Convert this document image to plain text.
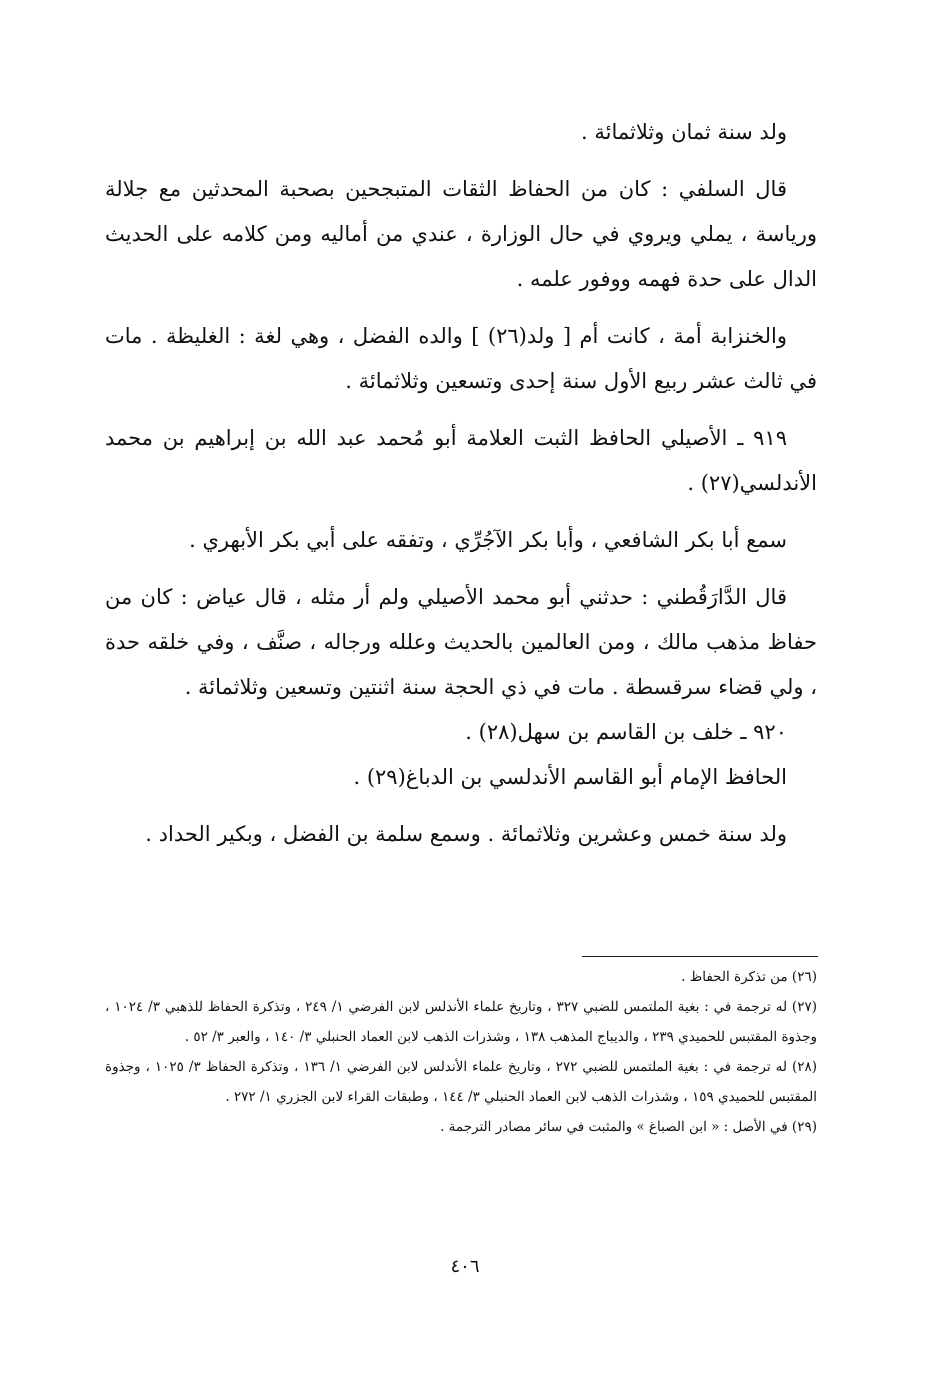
ولد سنة ثمان وثلاثمائة .

قال السلفي : كان من الحفاظ الثقات المتبجحين بصحبة المحدثين مع جلالة ورياسة ، يملي ويروي في حال الوزارة ، عندي من أماليه ومن كلامه على الحديث الدال على حدة فهمه ووفور علمه .

والخنزابة أمة ، كانت أم [ ولد(٢٦) ] والده الفضل ، وهي لغة : الغليظة . مات في ثالث عشر ربيع الأول سنة إحدى وتسعين وثلاثمائة .

٩١٩ ـ الأصيلي الحافظ الثبت العلامة أبو مُحمد عبد الله بن إبراهيم بن محمد الأندلسي(٢٧) .

سمع أبا بكر الشافعي ، وأبا بكر الآجُرِّي ، وتفقه على أبي بكر الأبهري .

قال الدَّارَقُطني : حدثني أبو محمد الأصيلي ولم أر مثله ، قال عياض : كان من حفاظ مذهب مالك ، ومن العالمين بالحديث وعلله ورجاله ، صنَّف ، وفي خلقه حدة ، ولي قضاء سرقسطة . مات في ذي الحجة سنة اثنتين وتسعين وثلاثمائة .

٩٢٠ ـ خلف بن القاسم بن سهل(٢٨) .

الحافظ الإمام أبو القاسم الأندلسي بن الدباغ(٢٩) .

ولد سنة خمس وعشرين وثلاثمائة . وسمع سلمة بن الفضل ، وبكير الحداد .

(٢٦) من تذكرة الحفاظ .

(٢٧) له ترجمة في : بغية الملتمس للضبي ٣٢٧ ، وتاريخ علماء الأندلس لابن الفرضي ١/ ٢٤٩ ، وتذكرة الحفاظ للذهبي ٣/ ١٠٢٤ ، وجذوة المقتبس للحميدي ٢٣٩ ، والديباج المذهب ١٣٨ ، وشذرات الذهب لابن العماد الحنبلي ٣/ ١٤٠ ، والعبر ٣/ ٥٢ .

(٢٨) له ترجمة في : بغية الملتمس للضبي ٢٧٢ ، وتاريخ علماء الأندلس لابن الفرضي ١/ ١٣٦ ، وتذكرة الحفاظ ٣/ ١٠٢٥ ، وجذوة المقتبس للحميدي ١٥٩ ، وشذرات الذهب لابن العماد الحنبلي ٣/ ١٤٤ ، وطبقات القراء لابن الجزري ١/ ٢٧٢ .

(٢٩) في الأصل : « ابن الصباغ » والمثبت في سائر مصادر الترجمة .

٤٠٦
